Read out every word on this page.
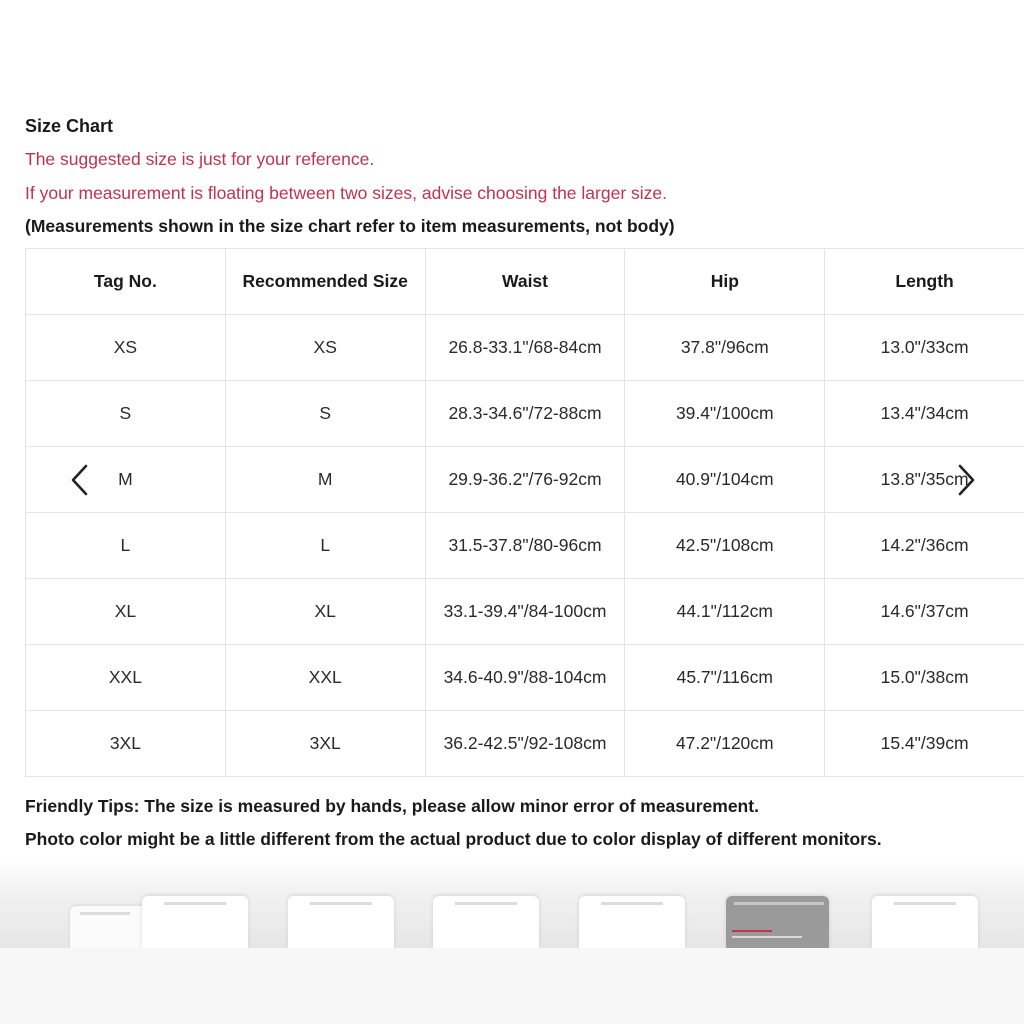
Size Chart
The suggested size is just for your reference.
If your measurement is floating between two sizes, advise choosing the larger size.
(Measurements shown in the size chart refer to item measurements, not body)
Tag No.	Recommended Size	Waist	Hip	Length
XS	XS	26.8-33.1"/68-84cm	37.8"/96cm	13.0"/33cm
S	S	28.3-34.6"/72-88cm	39.4"/100cm	13.4"/34cm
M	M	29.9-36.2"/76-92cm	40.9"/104cm	13.8"/35cm
L	L	31.5-37.8"/80-96cm	42.5"/108cm	14.2"/36cm
XL	XL	33.1-39.4"/84-100cm	44.1"/112cm	14.6"/37cm
XXL	XXL	34.6-40.9"/88-104cm	45.7"/116cm	15.0"/38cm
3XL	3XL	36.2-42.5"/92-108cm	47.2"/120cm	15.4"/39cm
Friendly Tips: The size is measured by hands, please allow minor error of measurement.
Photo color might be a little different from the actual product due to color display of different monitors.
